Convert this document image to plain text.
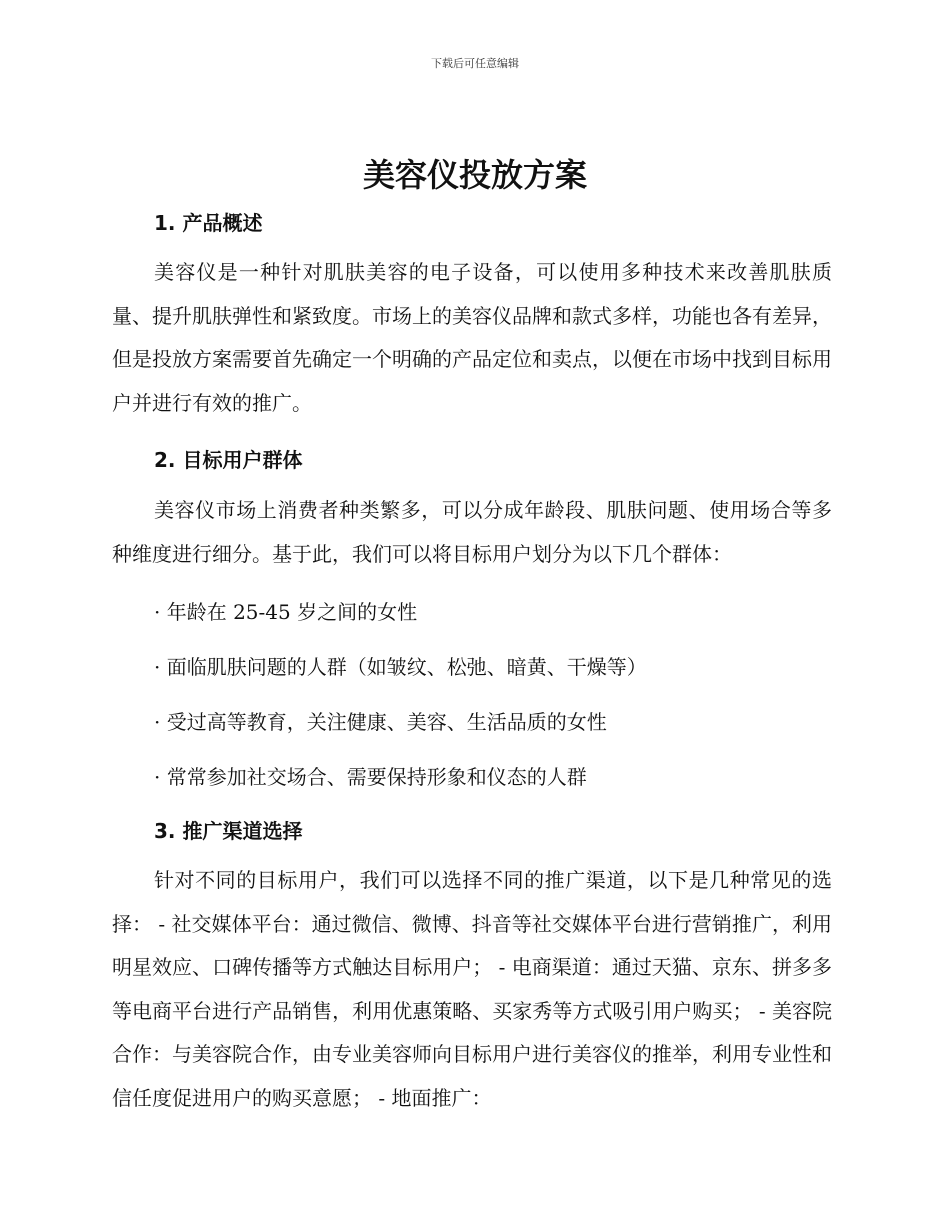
下载后可任意编辑
美容仪投放方案
1. 产品概述

美容仪是一种针对肌肤美容的电子设备，可以使用多种技术来改善肌肤质量、提升肌肤弹性和紧致度。市场上的美容仪品牌和款式多样，功能也各有差异，但是投放方案需要首先确定一个明确的产品定位和卖点，以便在市场中找到目标用户并进行有效的推广。

2. 目标用户群体

美容仪市场上消费者种类繁多，可以分成年龄段、肌肤问题、使用场合等多种维度进行细分。基于此，我们可以将目标用户划分为以下几个群体：

· 年龄在 25-45 岁之间的女性

· 面临肌肤问题的人群（如皱纹、松弛、暗黄、干燥等）

· 受过高等教育，关注健康、美容、生活品质的女性

· 常常参加社交场合、需要保持形象和仪态的人群

3. 推广渠道选择

针对不同的目标用户，我们可以选择不同的推广渠道，以下是几种常见的选择： - 社交媒体平台：通过微信、微博、抖音等社交媒体平台进行营销推广，利用明星效应、口碑传播等方式触达目标用户； - 电商渠道：通过天猫、京东、拼多多等电商平台进行产品销售，利用优惠策略、买家秀等方式吸引用户购买； - 美容院合作：与美容院合作，由专业美容师向目标用户进行美容仪的推举，利用专业性和信任度促进用户的购买意愿； - 地面推广：
